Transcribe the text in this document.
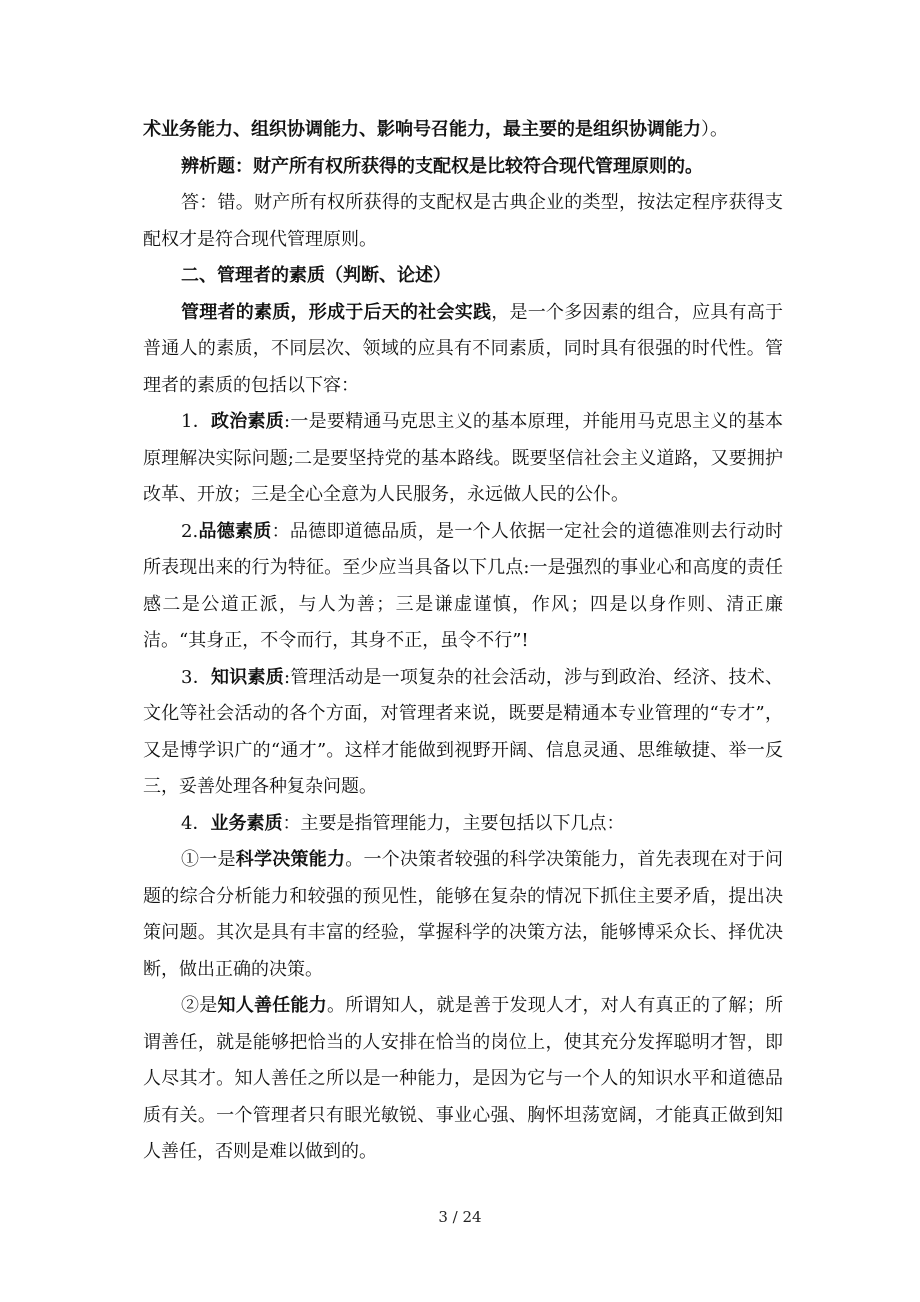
术业务能力、组织协调能力、影响号召能力，最主要的是组织协调能力）。

辨析题：财产所有权所获得的支配权是比较符合现代管理原则的。

答：错。财产所有权所获得的支配权是古典企业的类型，按法定程序获得支配权才是符合现代管理原则。

二、管理者的素质（判断、论述）

管理者的素质，形成于后天的社会实践，是一个多因素的组合，应具有高于普通人的素质，不同层次、领域的应具有不同素质，同时具有很强的时代性。管理者的素质的包括以下容：

1．政治素质:一是要精通马克思主义的基本原理，并能用马克思主义的基本原理解决实际问题;二是要坚持党的基本路线。既要坚信社会主义道路，又要拥护改革、开放；三是全心全意为人民服务，永远做人民的公仆。

2.品德素质：品德即道德品质，是一个人依据一定社会的道德准则去行动时所表现出来的行为特征。至少应当具备以下几点:一是强烈的事业心和高度的责任感二是公道正派，与人为善；三是谦虚谨慎，作风；四是以身作则、清正廉洁。“其身正，不令而行，其身不正，虽令不行”!

3．知识素质:管理活动是一项复杂的社会活动，涉与到政治、经济、技术、文化等社会活动的各个方面，对管理者来说，既要是精通本专业管理的“专才”，又是博学识广的“通才”。这样才能做到视野开阔、信息灵通、思维敏捷、举一反三，妥善处理各种复杂问题。

4．业务素质：主要是指管理能力，主要包括以下几点：

①一是科学决策能力。一个决策者较强的科学决策能力，首先表现在对于问题的综合分析能力和较强的预见性，能够在复杂的情况下抓住主要矛盾，提出决策问题。其次是具有丰富的经验，掌握科学的决策方法，能够博采众长、择优决断，做出正确的决策。

②是知人善任能力。所谓知人，就是善于发现人才，对人有真正的了解；所谓善任，就是能够把恰当的人安排在恰当的岗位上，使其充分发挥聪明才智，即人尽其才。知人善任之所以是一种能力，是因为它与一个人的知识水平和道德品质有关。一个管理者只有眼光敏锐、事业心强、胸怀坦荡宽阔，才能真正做到知人善任，否则是难以做到的。

3 / 24
